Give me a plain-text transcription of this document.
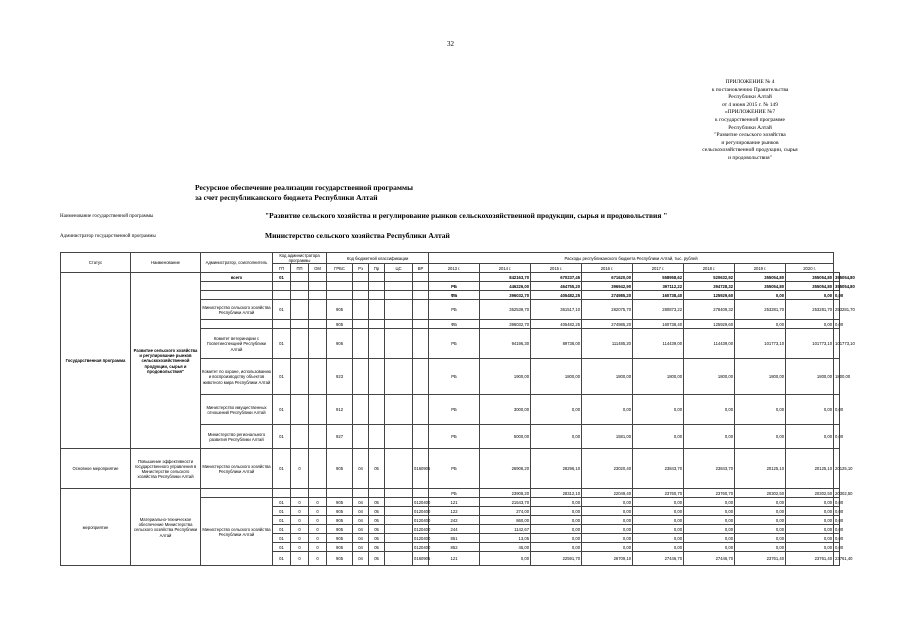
32
ПРИЛОЖЕНИЕ № 4
к постановлению Правительства
Республики Алтай
от 4 июня 2015 г. № 149
«ПРИЛОЖЕНИЕ №7
к государственной программе
Республики Алтай
"Развитие сельского хозяйства
и регулирование рынков
сельскохозяйственной продукции, сырья
и продовольствия"
Ресурсное обеспечение реализации государственной программы
за счет республиканского бюджета Республики Алтай
Наименование государственной программы	"Развитие сельского хозяйства и регулирование рынков сельскохозяйственной продукции, сырья и продовольствия "
Администратор государственной программы	Министерство сельского хозяйства Республики Алтай
Статус	Наименование	Администратор, соисполнитель	Код администратора программы			Код бюджетной классификации					Расходы республиканского бюджета Республики Алтай, тыс. рублей								
			ГП	ПП	ОМ	ГРБС	Рз	Пр	ЦС	ВР	2013 г.	2014 г.	2015 г.	2016 г.	2017 г.	2018 г.	2019 г.	2020 г.	
Государственная программа	Развитие сельского хозяйства и регулирование рынков сельскохозяйственной продукции, сырья и продовольствия"	всего	01									842163,70	670237,45	671620,00	558958,62	520632,92	355054,80	355054,80	355054,80
											РБ	446226,00	464755,20	396942,90	397112,22	394728,32	355054,80	355054,80	355054,80
											ФБ	396032,70	405482,25	274985,20	160738,40	125929,60	0,00	0,00	0,00
		Министерство сельского хозяйства Республики Алтай	01			905					РБ	352539,70	361517,10	282075,70	280873,22	278409,32	253281,70	253281,70	253281,70
						905					ФБ	396032,70	405482,25	274985,20	160738,40	125929,60	0,00	0,00	0,00
		Комитет ветеринарии с Госветинспекцией Республики Алтай	01			906					РБ	94196,30	89738,00	111485,20	114439,00	114439,00	101773,10	101773,10	101773,10
		Комитет по охране, использованию и воспроизводству объектов животного мира Республики Алтай	01			923					РБ	1900,00	1800,00	1800,00	1800,00	1800,00	1800,00	1800,00	1800,00
		Министерство имущественных отношений Республики Алтай	01			912					РБ	3000,00	0,00	0,00	0,00	0,00	0,00	0,00	0,00
		Министерство регионального развития Республики Алтай	01			927					РБ	5000,00	0,00	1581,00	0,00	0,00	0,00	0,00	0,00
Основное мероприятие	Повышение эффективности государственного управления в Министерстве сельского хозяйства Республики Алтай	Министерство сельского хозяйства Республики Алтай	01	0		905	04	05		0160905	РБ	26908,20	28296,10	23020,40	23843,70	23843,70	20125,10	20125,10	20125,10
мероприятие	Материально-техническое обеспечение Министерства сельского хозяйства Республики Алтай										РБ	23908,20	28312,10	22049,40	23760,70	23760,70	20302,50	20302,50	20302,50
		Министерство сельского хозяйства Республики Алтай	01	0	0	905	04	05		0120400	121	21543,70	0,00	0,00	0,00	0,00	0,00	0,00	0,00
			01	0	0	905	04	05		0120400	122	274,00	0,00	0,00	0,00	0,00	0,00	0,00	0,00
			01	0	0	905	04	05		0120400	242	860,00	0,00	0,00	0,00	0,00	0,00	0,00	0,00
			01	0	0	905	04	05		0120400	244	1142,67	0,00	0,00	0,00	0,00	0,00	0,00	0,00
			01	0	0	905	04	05		0120400	851	13,05	0,00	0,00	0,00	0,00	0,00	0,00	0,00
			01	0	0	905	04	05		0120400	852	45,00	0,00	0,00	0,00	0,00	0,00	0,00	0,00
			01	0	0	905	04	05		0160905	121	0,00	22591,70	26709,10	27446,70	27446,70	23761,40	23761,40	23761,40
